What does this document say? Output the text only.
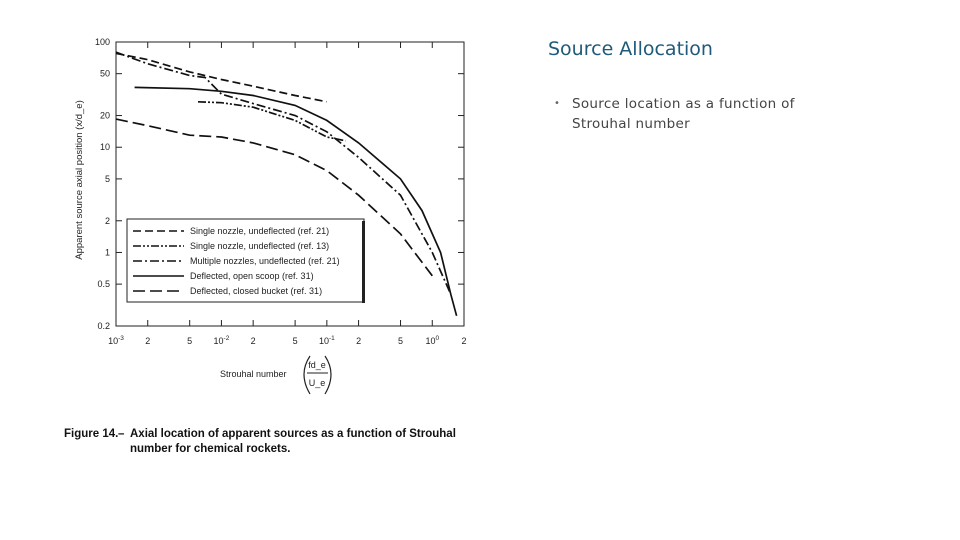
Source Allocation
• Source location as a function of Strouhal number
100
50
20
10
5
2
1
0.5
0.2
$10^{-3}$ 2	5 $10^{-2}$ 2	5 $10^{-1}$ 2	5 $10^0$ 2
Apparent source axial position (x/d_e)	Single nozzle, undeflected (ref. 21)
Single nozzle, undeflected (ref. 13)
Multiple nozzles, undeflected (ref. 21)
Deflected, open scoop (ref. 31)
Deflected, closed bucket (ref. 31)
Strouhal number
fd_e
U_e
Figure 14. – Axial location of apparent sources as a function of Strouhal
number for chemical rockets.
